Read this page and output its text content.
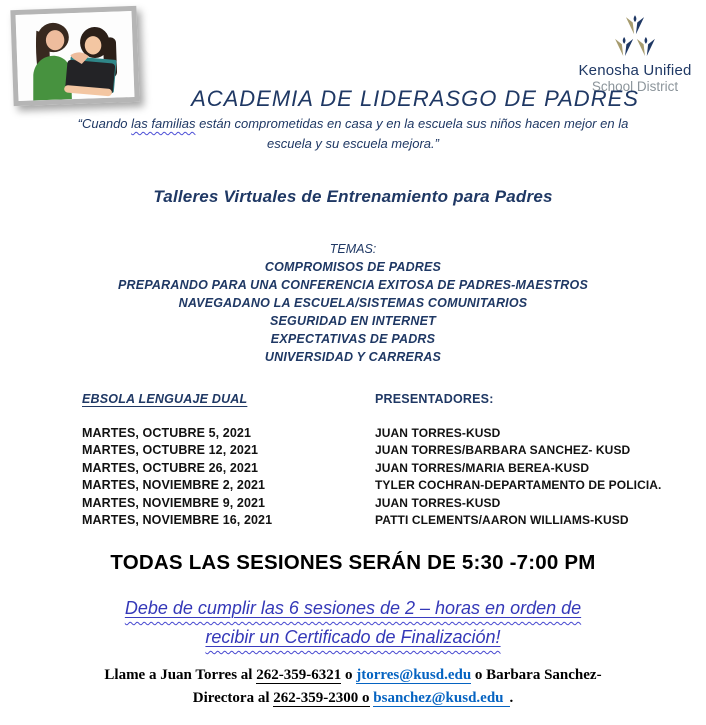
Kenosha Unified
School District
ACADEMIA DE LIDERASGO DE PADRES

“Cuando las familias están comprometidas en casa y en la escuela sus niños hacen mejor en la escuela y su escuela mejora.”

Talleres Virtuales de Entrenamiento para Padres
TEMAS:
COMPROMISOS DE PADRES
PREPARANDO PARA UNA CONFERENCIA EXITOSA DE PADRES-MAESTROS
NAVEGADANO LA ESCUELA/SISTEMAS COMUNITARIOS
SEGURIDAD EN INTERNET
EXPECTATIVAS DE PADRS
UNIVERSIDAD Y CARRERAS
EBSOLA LENGUAJE DUAL
MARTES, OCTUBRE 5, 2021
MARTES, OCTUBRE 12, 2021
MARTES, OCTUBRE 26, 2021
MARTES, NOVIEMBRE 2, 2021
MARTES, NOVIEMBRE 9, 2021
MARTES, NOVIEMBRE 16, 2021
PRESENTADORES:
JUAN TORRES-KUSD
JUAN TORRES/BARBARA SANCHEZ- KUSD
JUAN TORRES/MARIA BEREA-KUSD
TYLER COCHRAN-DEPARTAMENTO DE POLICIA.
JUAN TORRES-KUSD
PATTI CLEMENTS/AARON WILLIAMS-KUSD
TODAS LAS SESIONES SERÁN DE 5:30 -7:00 PM
Debe de cumplir las 6 sesiones de 2 – horas en orden de
recibir un Certificado de Finalización!
Llame a Juan Torres al 262-359-6321 o jtorres@kusd.edu o Barbara Sanchez-
Directora al 262-359-2300 o bsanchez@kusd.edu .
